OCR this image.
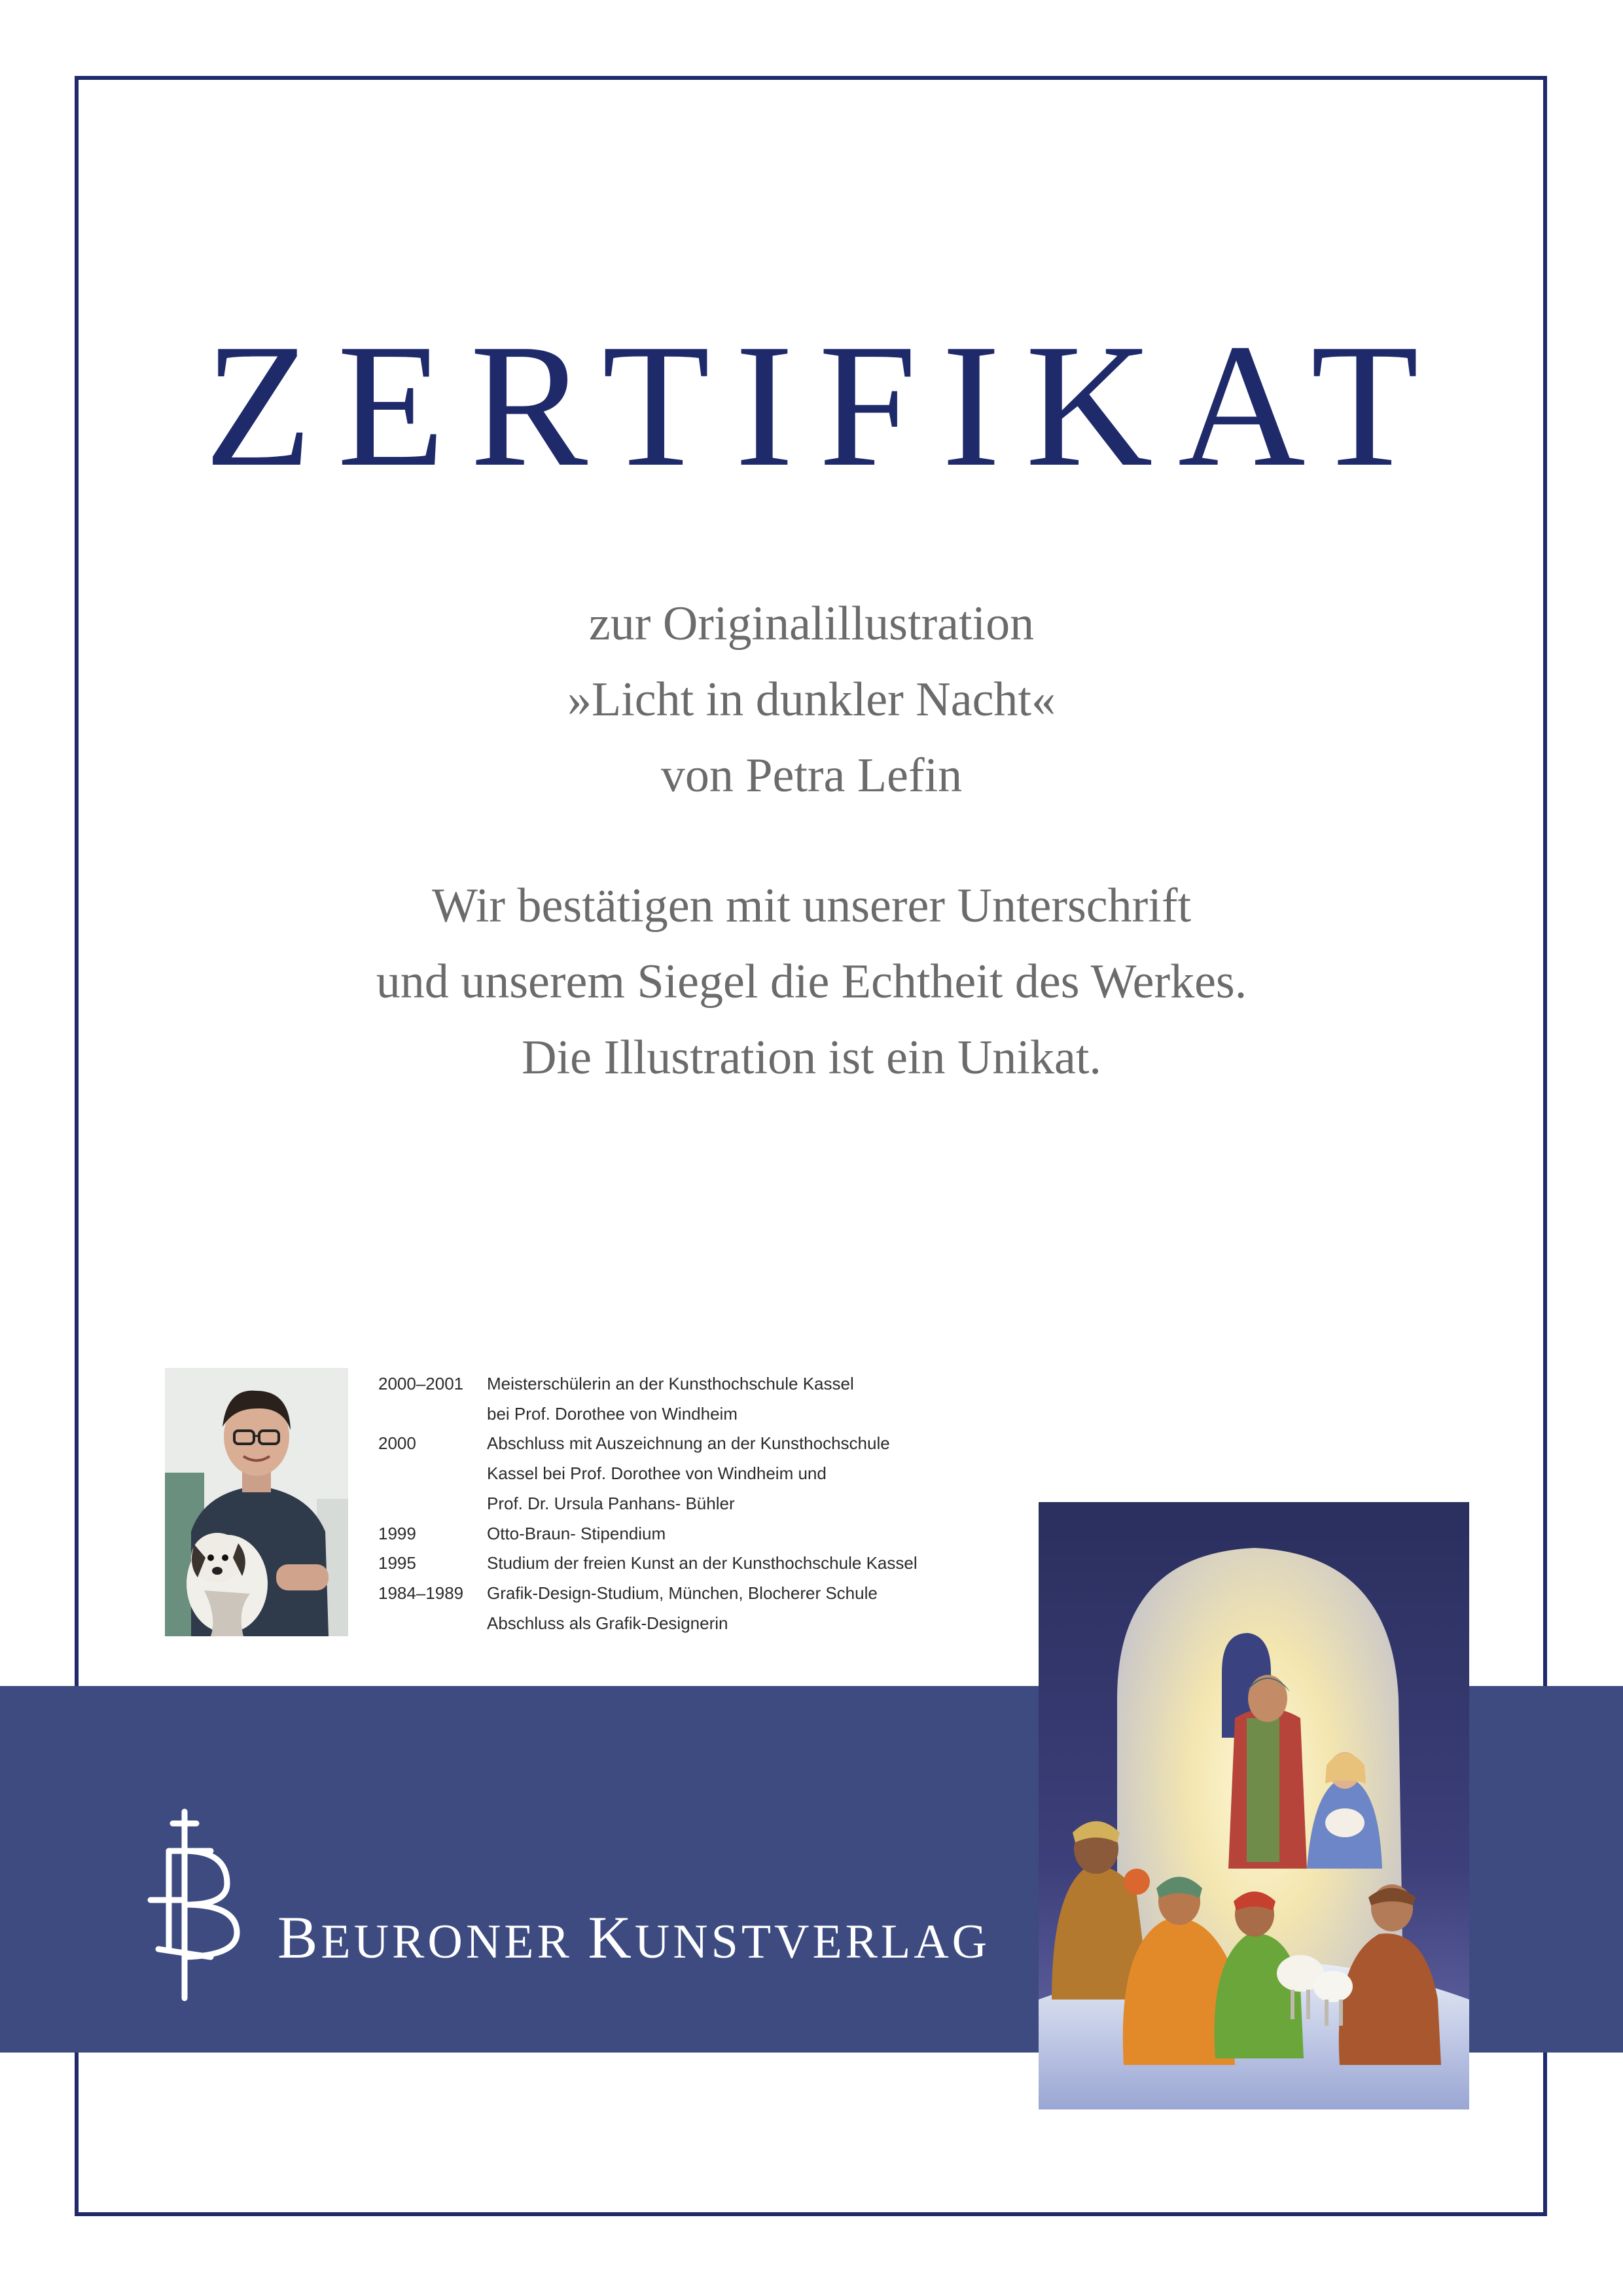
ZERTIFIKAT
zur Originalillustration
»Licht in dunkler Nacht«
von Petra Lefin
Wir bestätigen mit unserer Unterschrift
und unserem Siegel die Echtheit des Werkes.
Die Illustration ist ein Unikat.
2000–2001	Meisterschülerin an der Kunsthochschule Kassel
bei Prof. Dorothee von Windheim
2000	Abschluss mit Auszeichnung an der Kunsthochschule
Kassel bei Prof. Dorothee von Windheim und
Prof. Dr. Ursula Panhans- Bühler
1999	Otto-Braun- Stipendium
1995	Studium der freien Kunst an der Kunsthochschule Kassel
1984–1989	Grafik-Design-Studium, München, Blocherer Schule
Abschluss als Grafik-Designerin
BEURONER KUNSTVERLAG
